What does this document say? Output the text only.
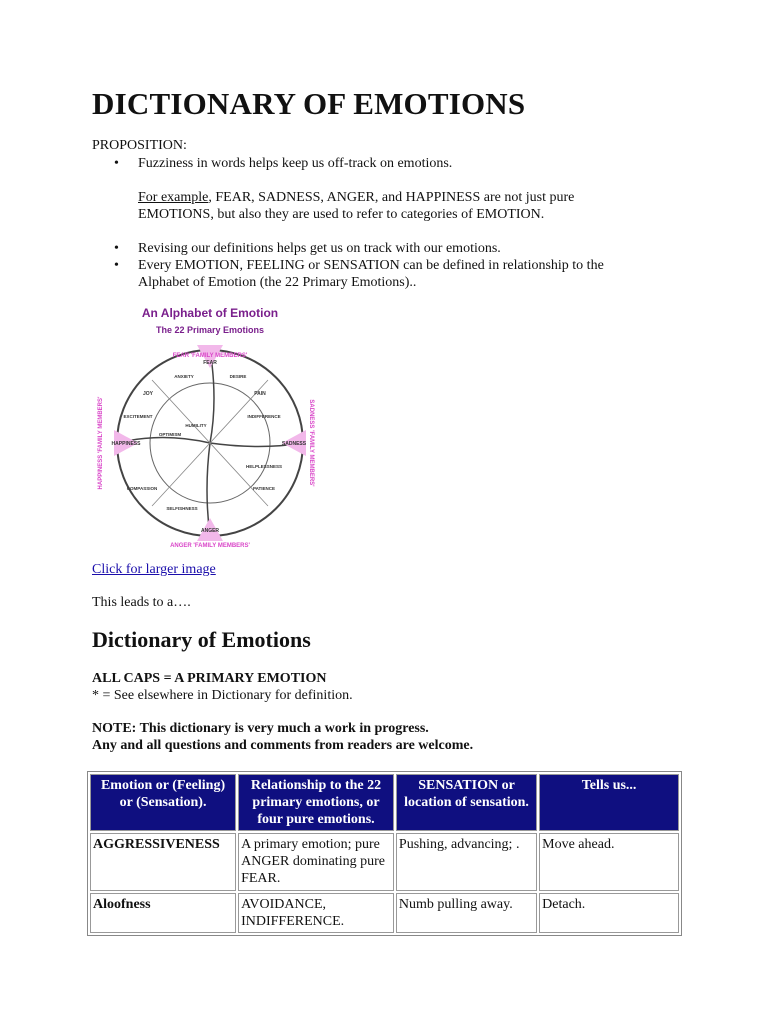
DICTIONARY OF EMOTIONS
PROPOSITION:
• Fuzziness in words helps keep us off-track on emotions.
For example, FEAR, SADNESS, ANGER, and HAPPINESS are not just pure
EMOTIONS, but also they are used to refer to categories of EMOTION.
• Revising our definitions helps get us on track with our emotions.
• Every EMOTION, FEELING or SENSATION can be defined in relationship to the
Alphabet of Emotion (the 22 Primary Emotions)..
An Alphabet of Emotion
The 22 Primary Emotions
FEAR 'FAMILY MEMBERS'
ANGER 'FAMILY MEMBERS'
HAPPINESS 'FAMILY MEMBERS'	SADNESS 'FAMILY MEMBERS'
FEAR
SADNESS
HAPPINESS
ANGER
JOY	PAIN
ANXIETY	DESIRE
EXCITEMENT	INDIFFERENCE
OPTIMISM
HUMILITY
COMPASSION	PATIENCE
SELFISHNESS
HELPLESSNESS
Click for larger image
This leads to a….
Dictionary of Emotions
ALL CAPS = A PRIMARY EMOTION
* = See elsewhere in Dictionary for definition.
NOTE: This dictionary is very much a work in progress.
Any and all questions and comments from readers are welcome.
Emotion or (Feeling) or (Sensation).	Relationship to the 22 primary emotions, or four pure emotions.	SENSATION or location of sensation.	Tells us...
AGGRESSIVENESS	A primary emotion; pure ANGER dominating pure FEAR.	Pushing, advancing; .	Move ahead.
Aloofness	AVOIDANCE, INDIFFERENCE.	Numb pulling away.	Detach.
